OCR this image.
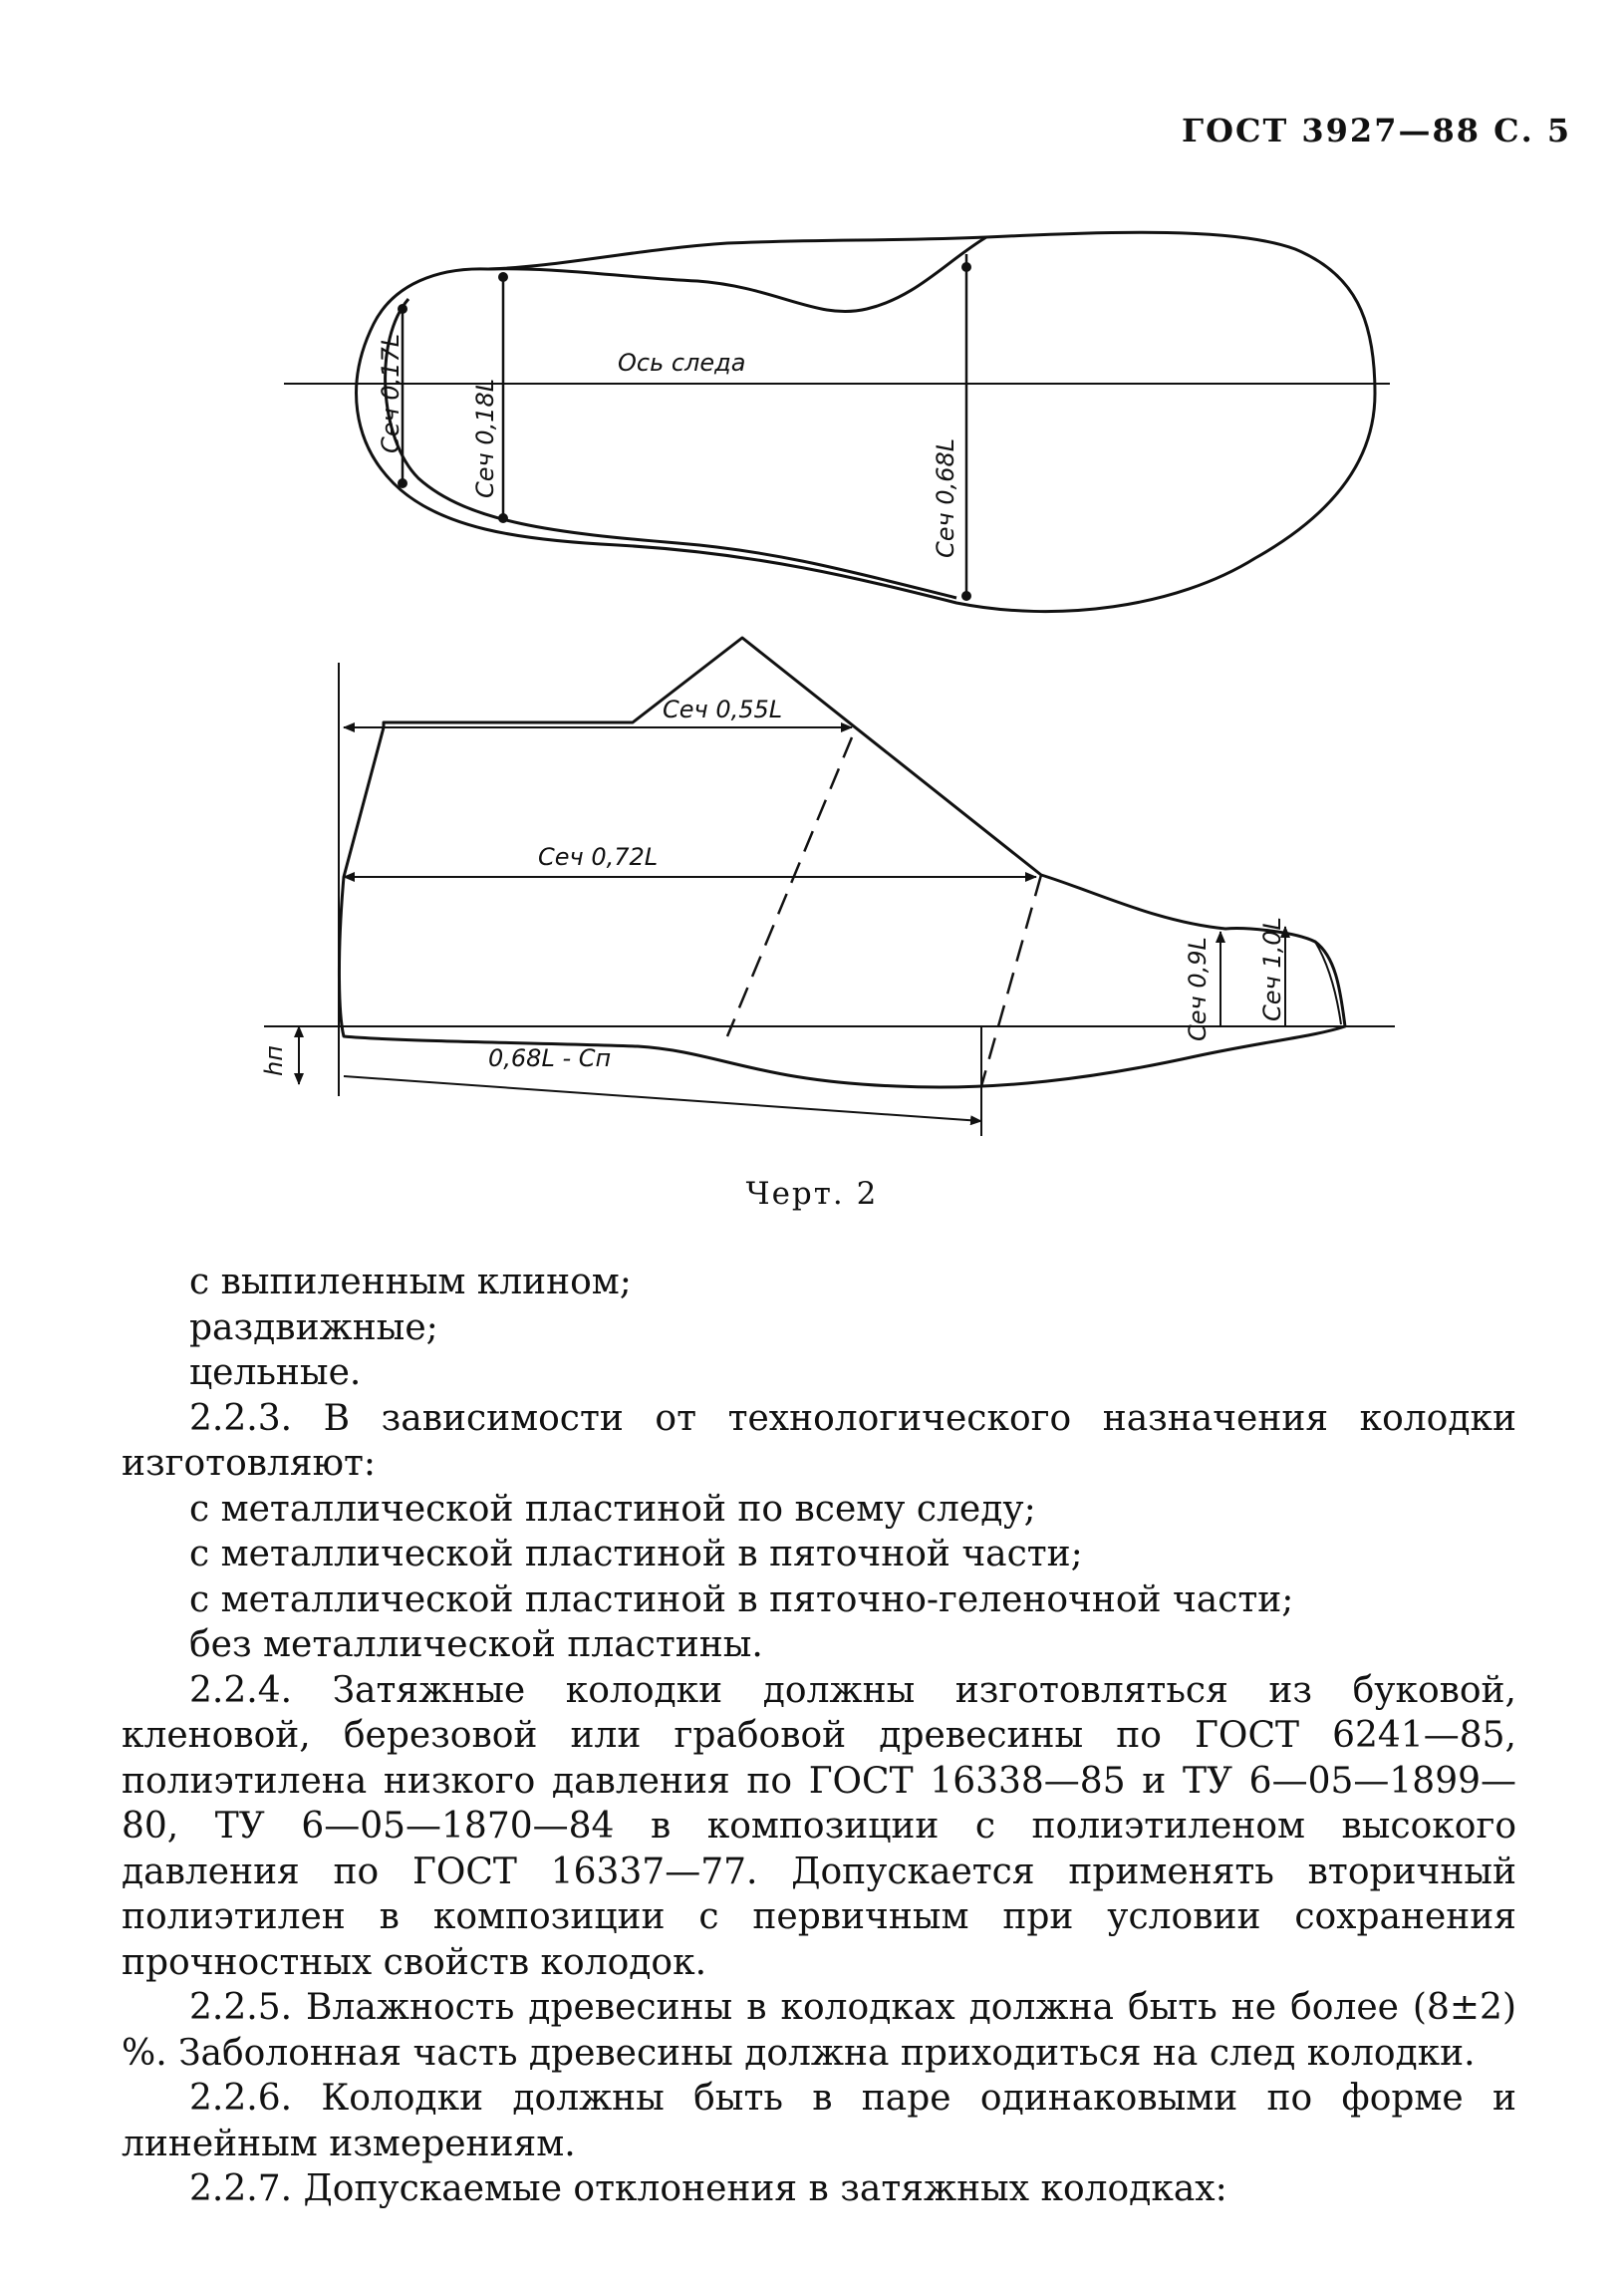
ГОСТ 3927—88 С. 5
Ось следа
Сеч 0,17L	Сеч 0,18L	Сеч 0,68L
Сеч 0,55L
Сеч 0,72L
Сеч 0,9L Сеч 1,0L
0,68L - Сп
hп
Черт. 2

с выпиленным клином;

раздвижные;

цельные.

2.2.3. В зависимости от технологического назначения колодки изготовляют:

с металлической пластиной по всему следу;

с металлической пластиной в пяточной части;

с металлической пластиной в пяточно-геленочной части;

без металлической пластины.

2.2.4. Затяжные колодки должны изготовляться из буковой, кленовой, березовой или грабовой древесины по ГОСТ 6241—85, полиэтилена низкого давления по ГОСТ 16338—85 и ТУ 6—05—1899—80, ТУ 6—05—1870—84 в композиции с полиэтиленом высокого давления по ГОСТ 16337—77. Допускается применять вторичный полиэтилен в композиции с первичным при условии сохранения прочностных свойств колодок.

2.2.5. Влажность древесины в колодках должна быть не более (8±2) %. Заболонная часть древесины должна приходиться на след колодки.

2.2.6. Колодки должны быть в паре одинаковыми по форме и линейным измерениям.

2.2.7. Допускаемые отклонения в затяжных колодках:
